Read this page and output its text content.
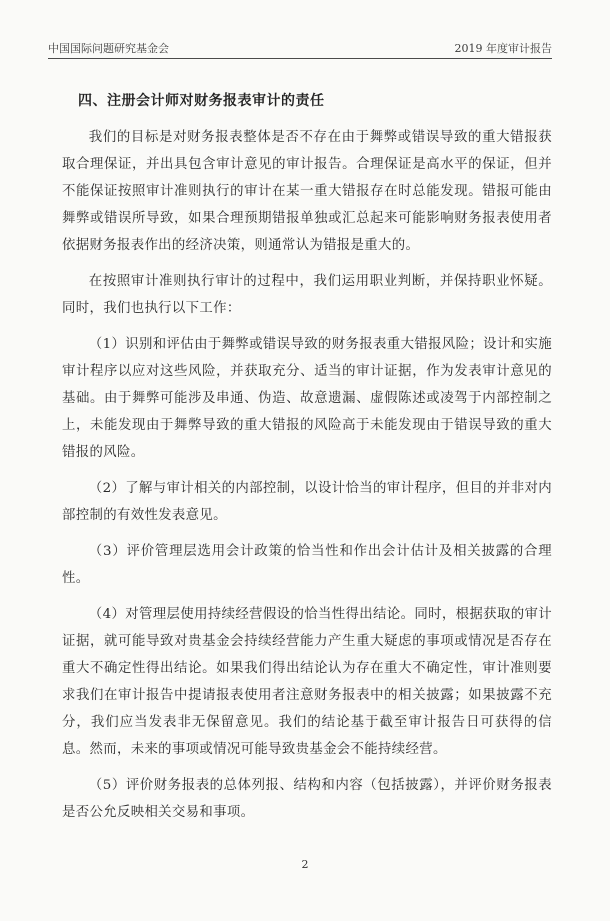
中国国际问题研究基金会	2019 年度审计报告
四、注册会计师对财务报表审计的责任

我们的目标是对财务报表整体是否不存在由于舞弊或错误导致的重大错报获取合理保证，并出具包含审计意见的审计报告。合理保证是高水平的保证，但并不能保证按照审计准则执行的审计在某一重大错报存在时总能发现。错报可能由舞弊或错误所导致，如果合理预期错报单独或汇总起来可能影响财务报表使用者依据财务报表作出的经济决策，则通常认为错报是重大的。

在按照审计准则执行审计的过程中，我们运用职业判断，并保持职业怀疑。同时，我们也执行以下工作：

（1）识别和评估由于舞弊或错误导致的财务报表重大错报风险；设计和实施审计程序以应对这些风险，并获取充分、适当的审计证据，作为发表审计意见的基础。由于舞弊可能涉及串通、伪造、故意遗漏、虚假陈述或凌驾于内部控制之上，未能发现由于舞弊导致的重大错报的风险高于未能发现由于错误导致的重大错报的风险。

（2）了解与审计相关的内部控制，以设计恰当的审计程序，但目的并非对内部控制的有效性发表意见。

（3）评价管理层选用会计政策的恰当性和作出会计估计及相关披露的合理性。

（4）对管理层使用持续经营假设的恰当性得出结论。同时，根据获取的审计证据，就可能导致对贵基金会持续经营能力产生重大疑虑的事项或情况是否存在重大不确定性得出结论。如果我们得出结论认为存在重大不确定性，审计准则要求我们在审计报告中提请报表使用者注意财务报表中的相关披露；如果披露不充分，我们应当发表非无保留意见。我们的结论基于截至审计报告日可获得的信息。然而，未来的事项或情况可能导致贵基金会不能持续经营。

（5）评价财务报表的总体列报、结构和内容（包括披露），并评价财务报表是否公允反映相关交易和事项。

2
